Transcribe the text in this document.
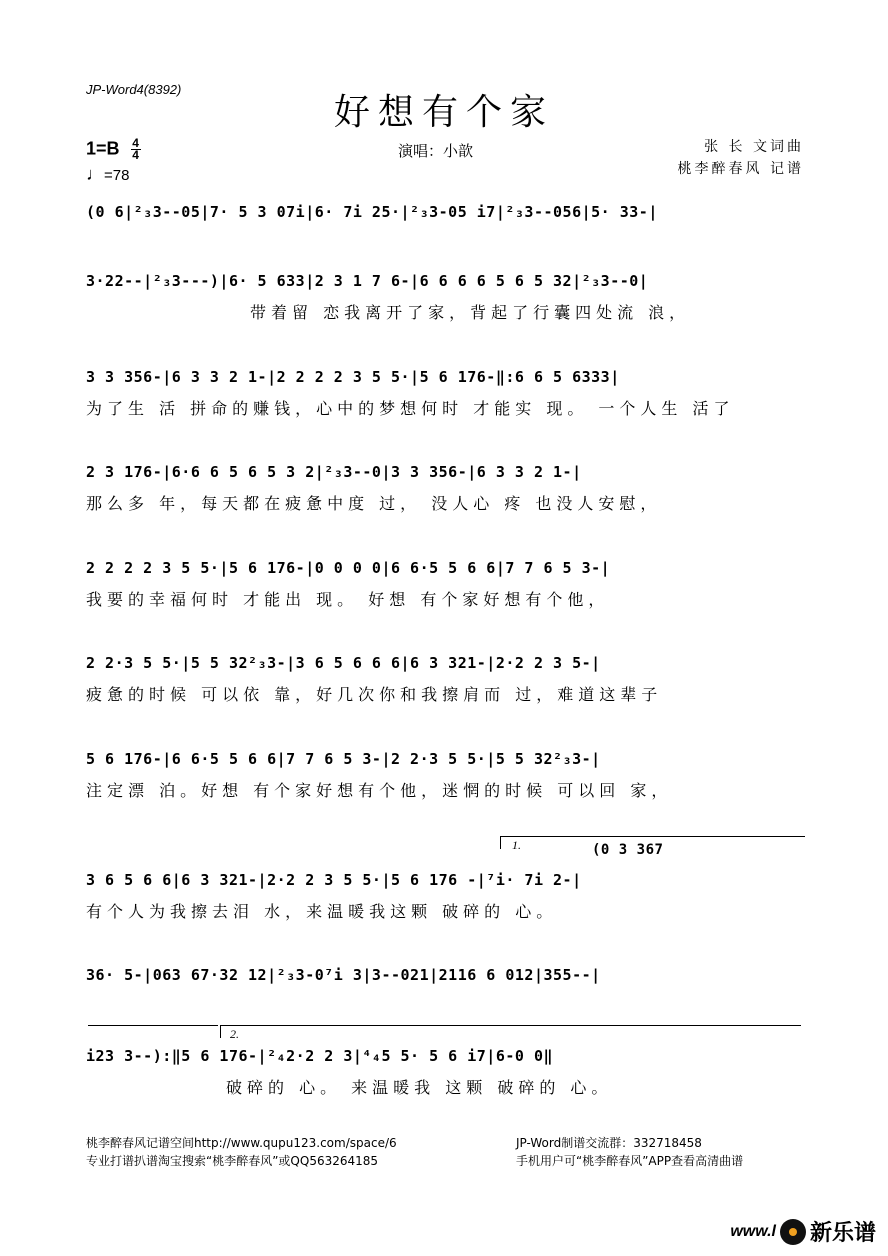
JP-Word4(8392)
好想有个家
$1=B \frac{4}{4}$
♩=78
演唱：小歆	张 长 文词曲
桃李醉春风 记谱
(0 6|²₃3--05|7· 5 3 07i|6· 7i 25·|²₃3-05 i7|²₃3--056|5· 33-|
3·22--|²₃3---)|6· 5 633|2 3 1 7 6-|6 6 6 6 5 6 5 32|²₃3--0|
带着留 恋我离开了家，背起了行囊四处流 浪，
3 3 356-|6 3 3 2 1-|2 2 2 2 3 5 5·|5 6 176-‖:6 6 5 6333|
为了生 活 拼命的赚钱，心中的梦想何时 才能实 现。 一个人生 活了
2 3 176-|6·6 6 5 6 5 3 2|²₃3--0|3 3 356-|6 3 3 2 1-|
那么多 年，每天都在疲惫中度 过， 没人心 疼 也没人安慰，
2 2 2 2 3 5 5·|5 6 176-|0 0 0 0|6 6·5 5 6 6|7 7 6 5 3-|
我要的幸福何时 才能出 现。 好想 有个家好想有个他，
2 2·3 5 5·|5 5 32²₃3-|3 6 5 6 6 6|6 3 321-|2·2 2 3 5-|
疲惫的时候 可以依 靠，好几次你和我擦肩而 过，难道这辈子
5 6 176-|6 6·5 5 6 6|7 7 6 5 3-|2 2·3 5 5·|5 5 32²₃3-|
注定漂 泊。好想 有个家好想有个他，迷惘的时候 可以回 家，
1.	(0 3 367
3 6 5 6 6|6 3 321-|2·2 2 3 5 5·|5 6 176 -|⁷i· 7i 2-|
有个人为我擦去泪 水，来温暖我这颗 破碎的 心。
36· 5-|063 67·32 12|²₃3-0⁷i 3|3--021|2116 6 012|355--|
2.
i23 3--):‖5 6 176-|²₄2·2 2 3|⁴₄5 5· 5 6 i7|6-0 0‖
破碎的 心。 来温暖我 这颗 破碎的 心。
桃李醉春风记谱空间http://www.qupu123.com/space/6
专业打谱扒谱淘宝搜索“桃李醉春风”或QQ563264185
JP-Word制谱交流群：332718458
手机用户可“桃李醉春风”APP查看高清曲谱
www.l 新乐谱
